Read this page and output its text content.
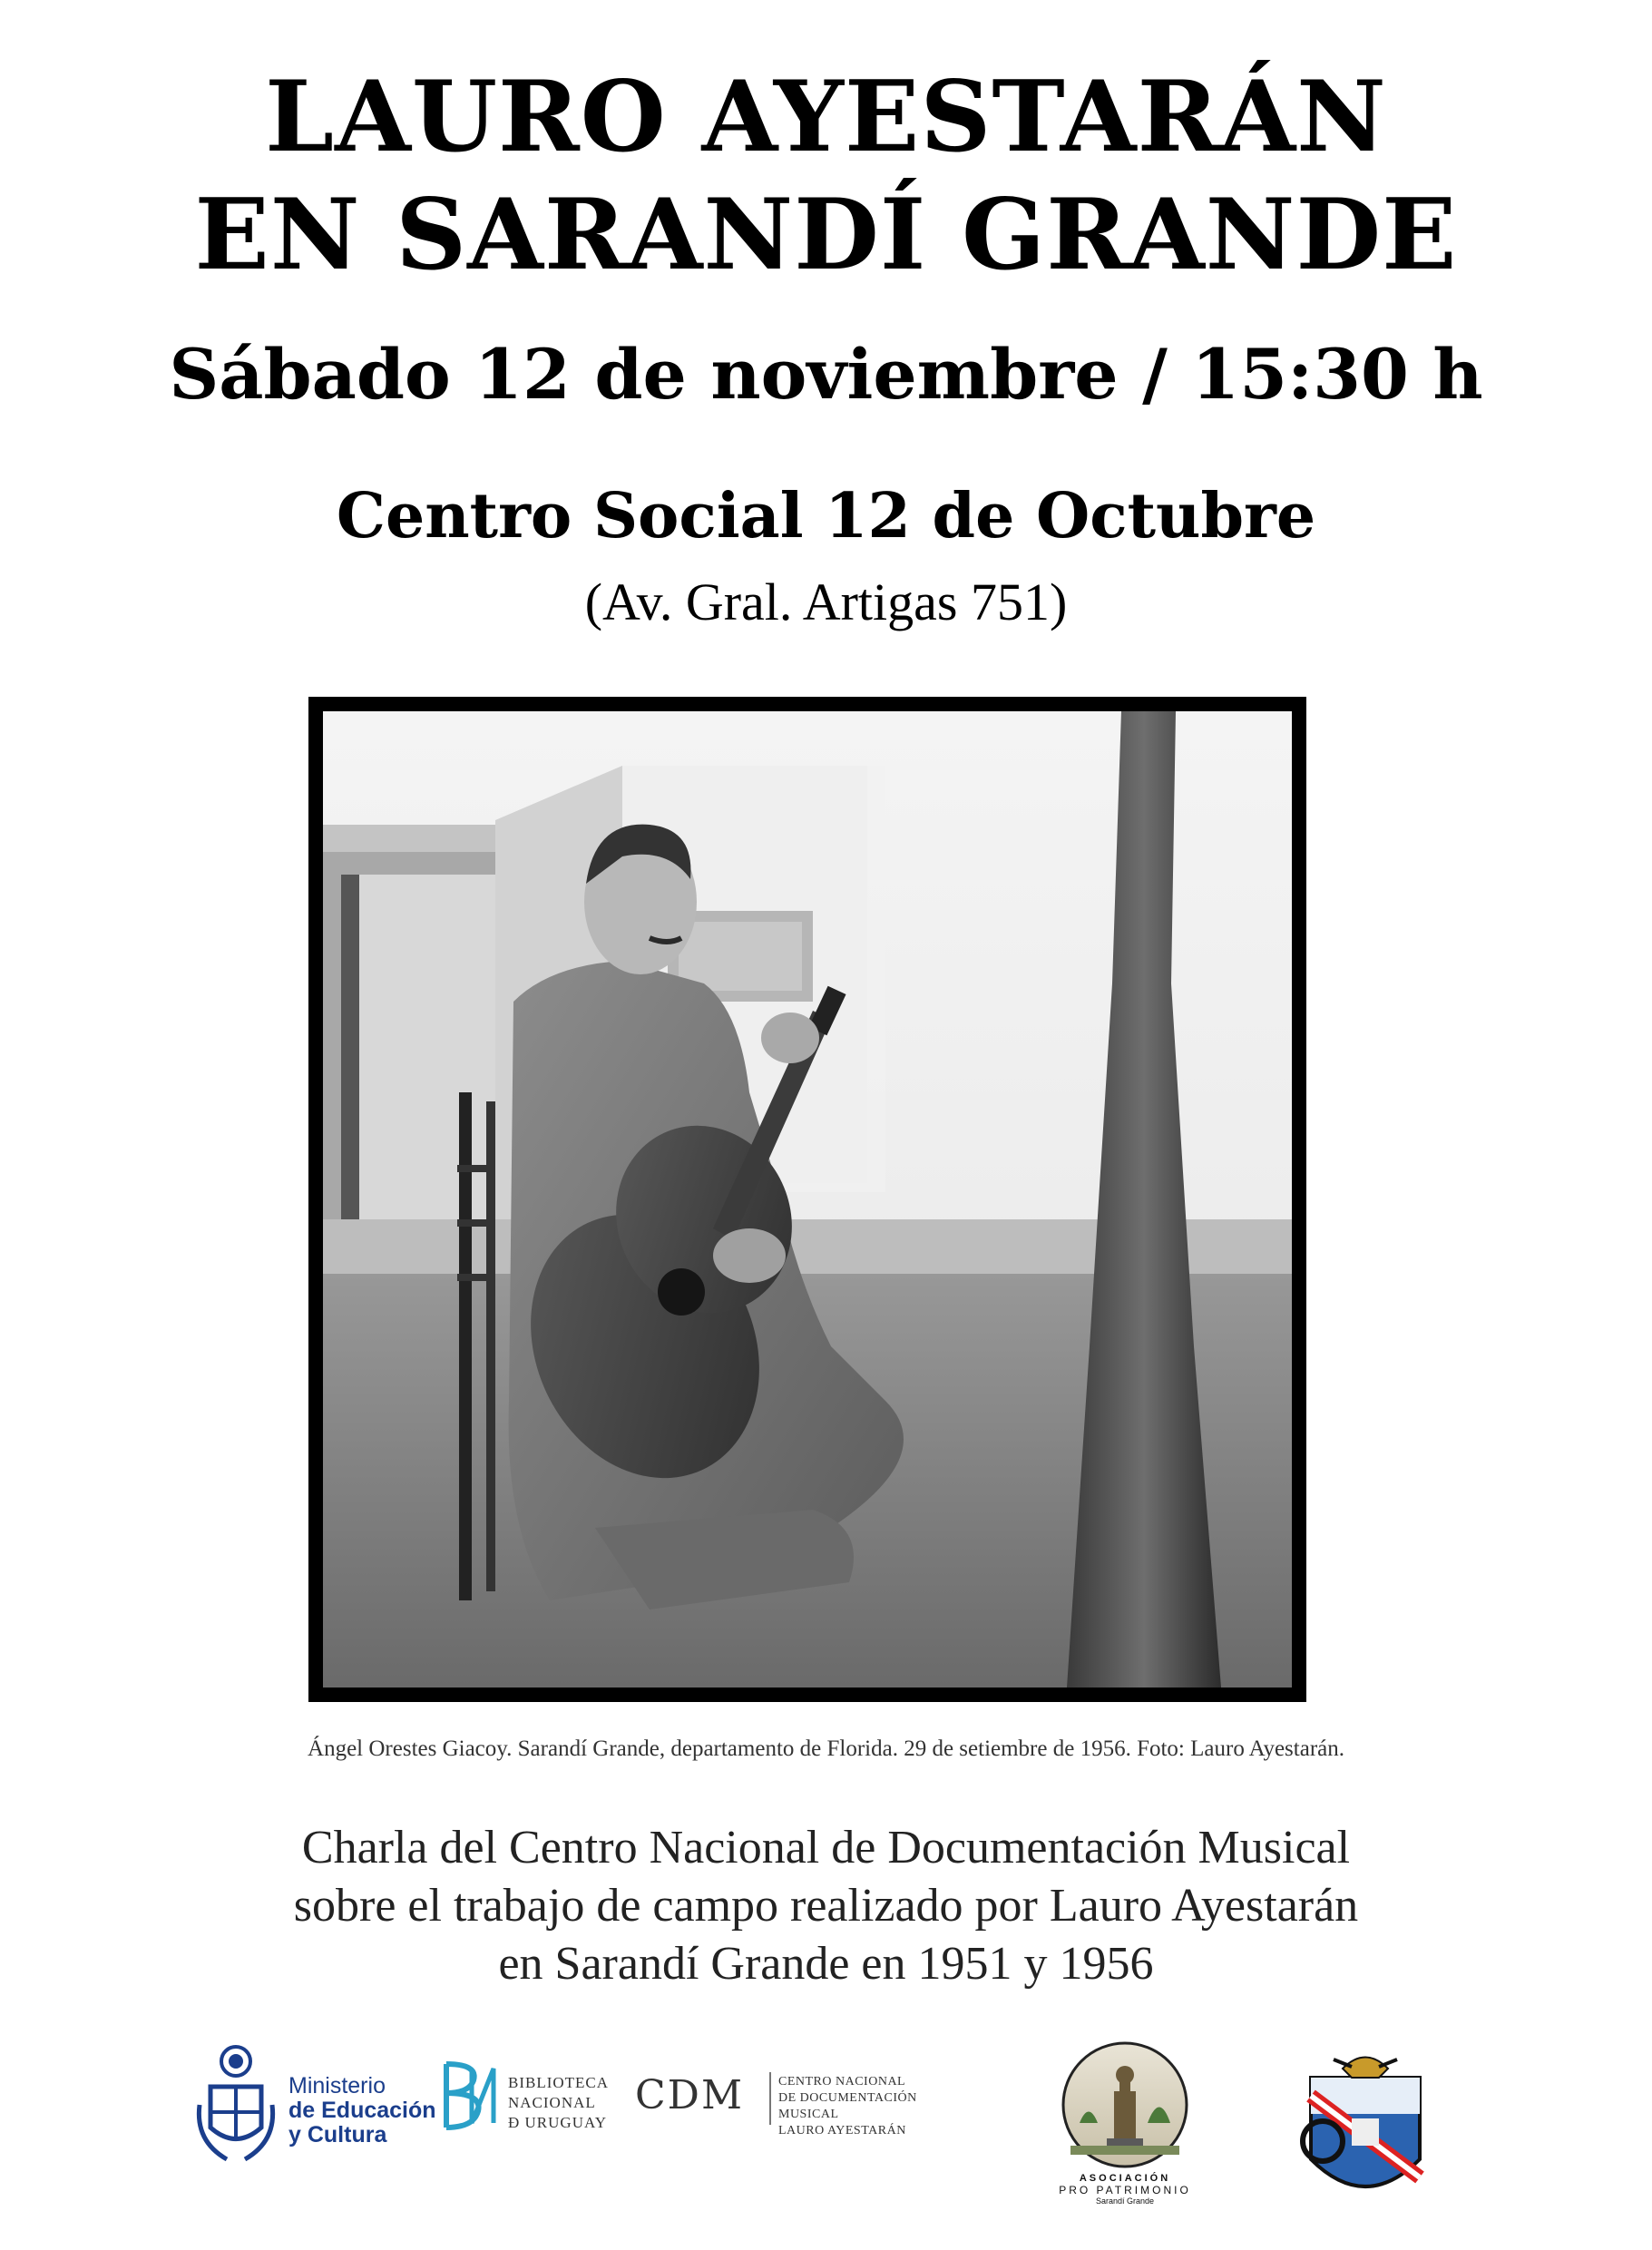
LAURO AYESTARÁN
EN SARANDÍ GRANDE
Sábado 12 de noviembre / 15:30 h
Centro Social 12 de Octubre
(Av. Gral. Artigas 751)
Ángel Orestes Giacoy. Sarandí Grande, departamento de Florida. 29 de setiembre de 1956. Foto: Lauro Ayestarán.
Charla del Centro Nacional de Documentación Musical
sobre el trabajo de campo realizado por Lauro Ayestarán
en Sarandí Grande en 1951 y 1956
Ministerio
de Educación
y Cultura
BIBLIOTECA
NACIONAL
Ð URUGUAY
CDM	CENTRO NACIONAL
DE DOCUMENTACIÓN MUSICAL
LAURO AYESTARÁN
ASOCIACIÓN
PRO PATRIMONIO
Sarandí Grande
